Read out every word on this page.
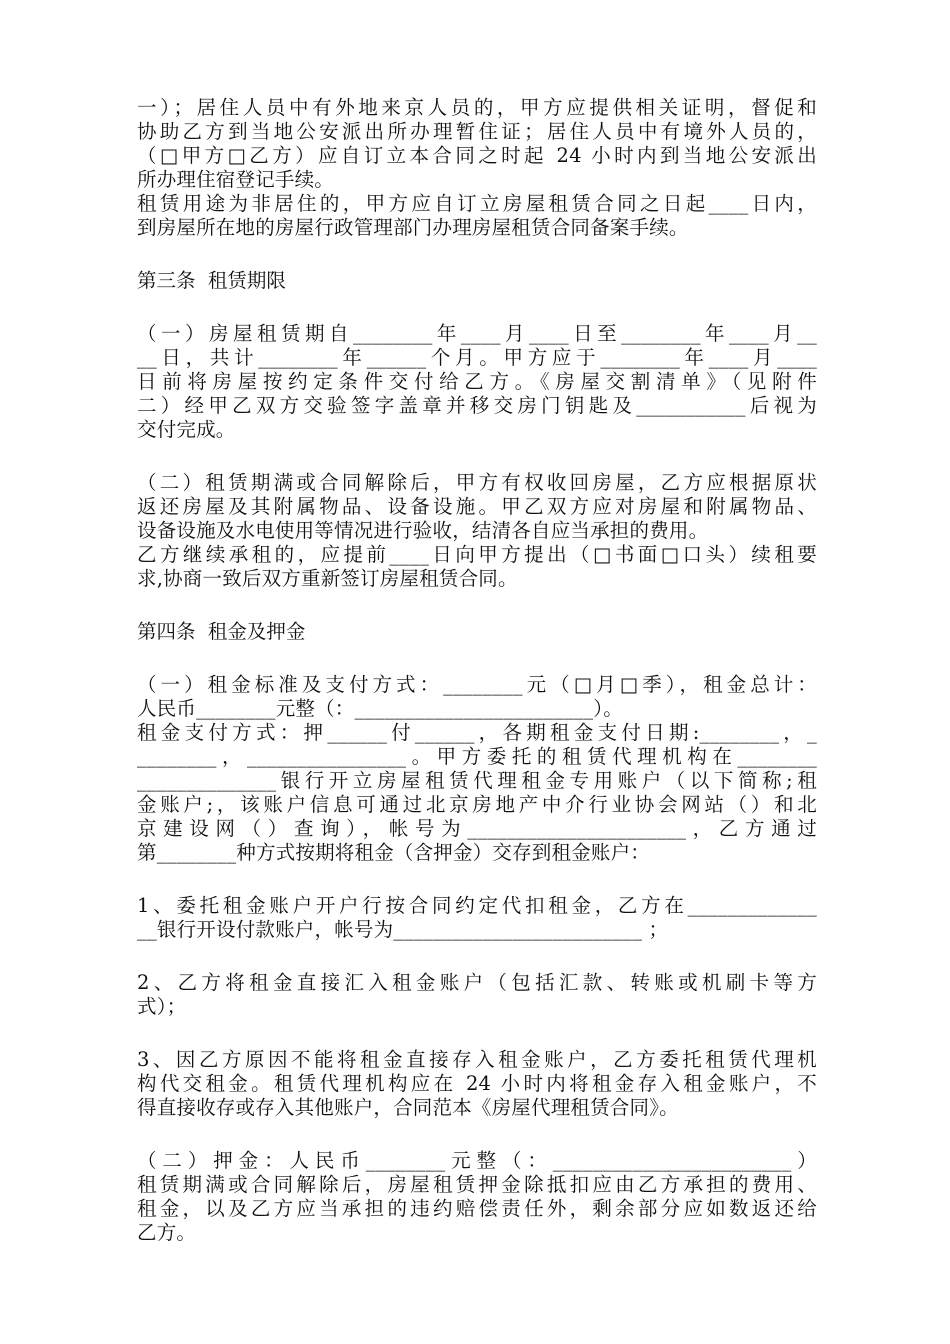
一）；居住人员中有外地来京人员的，甲方应提供相关证明，督促和
协助乙方到当地公安派出所办理暂住证；居住人员中有境外人员的，
（□甲方□乙方）应自订立本合同之时起 24 小时内到当地公安派出
所办理住宿登记手续。
租赁用途为非居住的，甲方应自订立房屋租赁合同之日起____日内，
到房屋所在地的房屋行政管理部门办理房屋租赁合同备案手续。
第三条  租赁期限
（一）房屋租赁期自________年____月____日至________年____月__
__日，共计________年______个月。甲方应于________年____月____
日前将房屋按约定条件交付给乙方。《房屋交割清单》（见附件
二）经甲乙双方交验签字盖章并移交房门钥匙及___________后视为
交付完成。
（二）租赁期满或合同解除后，甲方有权收回房屋，乙方应根据原状
返还房屋及其附属物品、设备设施。甲乙双方应对房屋和附属物品、
设备设施及水电使用等情况进行验收，结清各自应当承担的费用。
乙方继续承租的，应提前____日向甲方提出（□书面□口头）续租要
求,协商一致后双方重新签订房屋租赁合同。
第四条  租金及押金
（一）租金标准及支付方式：________元（□月□季），租金总计：
人民币________元整（：________________________）。
租金支付方式：押______付______，各期租金支付日期:________，_
________，________________。甲方委托的租赁代理机构在________
______________银行开立房屋租赁代理租金专用账户（以下简称;租
金账户;，该账户信息可通过北京房地产中介行业协会网站（）和北
京建设网（）查询），帐号为______________________，乙方通过
第________种方式按期将租金（含押金）交存到租金账户：
1、委托租金账户开户行按合同约定代扣租金，乙方在_____________
__银行开设付款账户，帐号为_________________________ ；
2、乙方将租金直接汇入租金账户（包括汇款、转账或机刷卡等方
式）；
3、因乙方原因不能将租金直接存入租金账户，乙方委托租赁代理机
构代交租金。租赁代理机构应在 24 小时内将租金存入租金账户，不
得直接收存或存入其他账户，合同范本《房屋代理租赁合同》。
（二）押金：人民币________元整（：________________________）
租赁期满或合同解除后，房屋租赁押金除抵扣应由乙方承担的费用、
租金，以及乙方应当承担的违约赔偿责任外，剩余部分应如数返还给
乙方。
